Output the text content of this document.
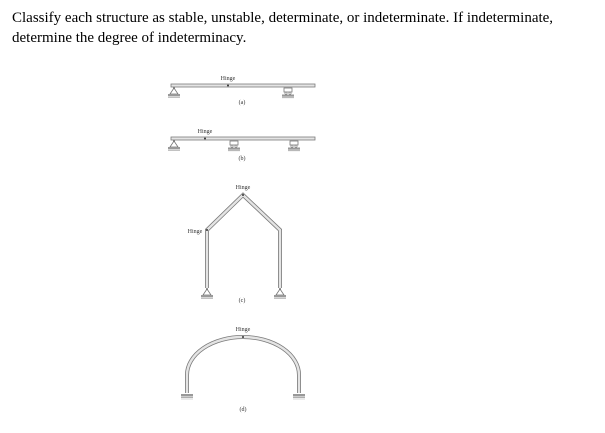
Classify each structure as stable, unstable, determinate, or indeterminate. If indeterminate, determine the degree of indeterminacy.
Hinge
(a)
Hinge
(b)
Hinge
Hinge
(c)
Hinge
(d)
